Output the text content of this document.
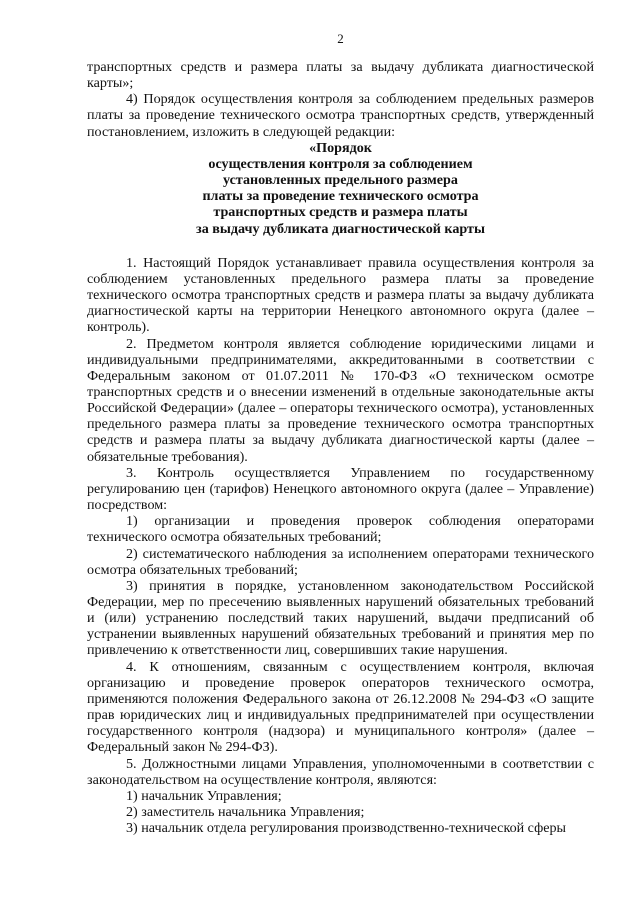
2

транспортных средств и размера платы за выдачу дубликата диагностической карты»;

4) Порядок осуществления контроля за соблюдением предельных размеров платы за проведение технического осмотра транспортных средств, утвержденный постановлением, изложить в следующей редакции:

«Порядок

осуществления контроля за соблюдением

установленных предельного размера

платы за проведение технического осмотра

транспортных средств и размера платы

за выдачу дубликата диагностической карты

1. Настоящий Порядок устанавливает правила осуществления контроля за соблюдением установленных предельного размера платы за проведение технического осмотра транспортных средств и размера платы за выдачу дубликата диагностической карты на территории Ненецкого автономного округа (далее – контроль).

2. Предметом контроля является соблюдение юридическими лицами и индивидуальными предпринимателями, аккредитованными в соответствии с Федеральным законом от 01.07.2011 № 170-ФЗ «О техническом осмотре транспортных средств и о внесении изменений в отдельные законодательные акты Российской Федерации» (далее – операторы технического осмотра), установленных предельного размера платы за проведение технического осмотра транспортных средств и размера платы за выдачу дубликата диагностической карты (далее –обязательные требования).

3. Контроль осуществляется Управлением по государственному регулированию цен (тарифов) Ненецкого автономного округа (далее – Управление) посредством:

1) организации и проведения проверок соблюдения операторами технического осмотра обязательных требований;

2) систематического наблюдения за исполнением операторами технического осмотра обязательных требований;

3) принятия в порядке, установленном законодательством Российской Федерации, мер по пресечению выявленных нарушений обязательных требований и (или) устранению последствий таких нарушений, выдачи предписаний об устранении выявленных нарушений обязательных требований и принятия мер по привлечению к ответственности лиц, совершивших такие нарушения.

4. К отношениям, связанным с осуществлением контроля, включая организацию и проведение проверок операторов технического осмотра, применяются положения Федерального закона от 26.12.2008 № 294-ФЗ «О защите прав юридических лиц и индивидуальных предпринимателей при осуществлении государственного контроля (надзора) и муниципального контроля» (далее – Федеральный закон № 294-ФЗ).

5. Должностными лицами Управления, уполномоченными в соответствии с законодательством на осуществление контроля, являются:

1) начальник Управления;

2) заместитель начальника Управления;

3) начальник отдела регулирования производственно-технической сферы
